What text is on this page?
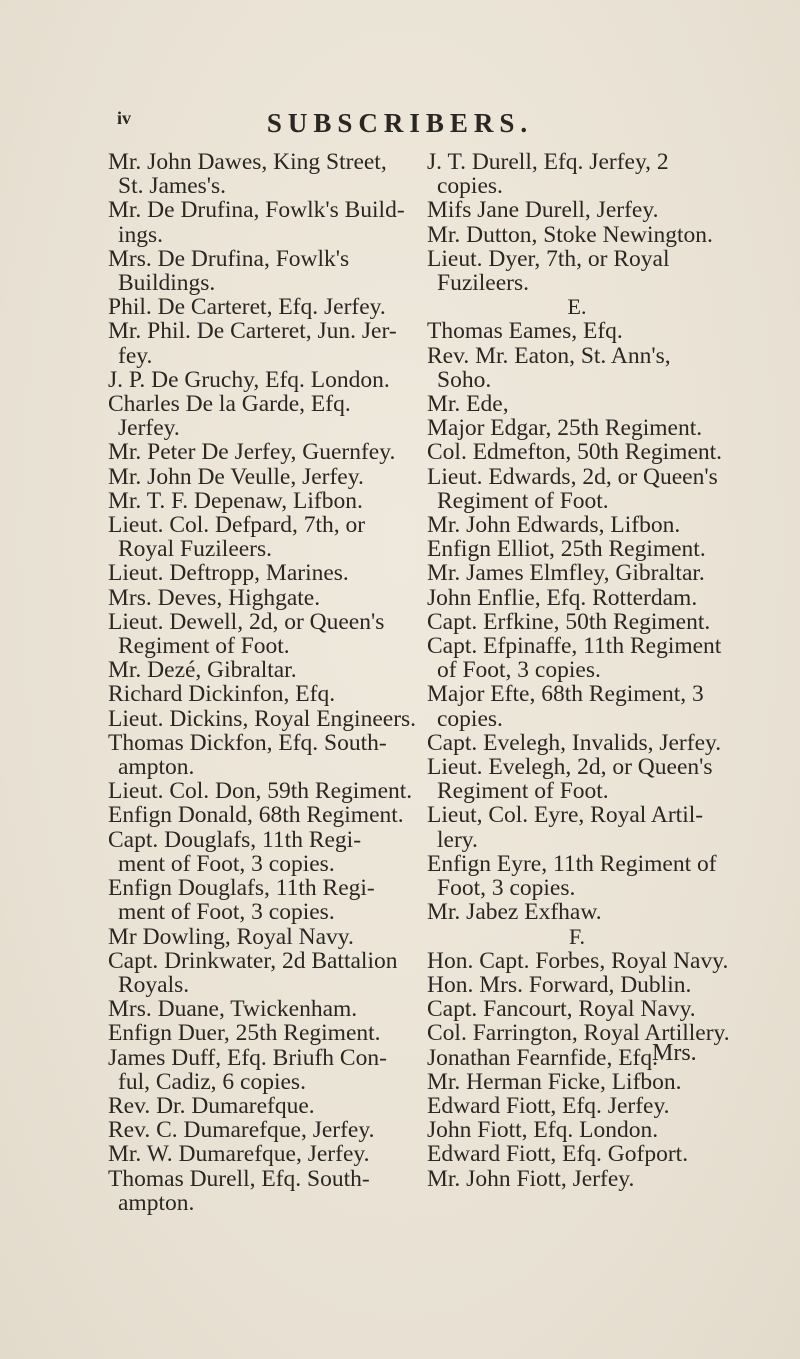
iv	SUBSCRIBERS.

Mr. John Dawes, King Street,
St. James's.

Mr. De Drufina, Fowlk's Build-
ings.

Mrs. De Drufina, Fowlk's
Buildings.

Phil. De Carteret, Efq. Jerfey.

Mr. Phil. De Carteret, Jun. Jer-
fey.

J. P. De Gruchy, Efq. London.

Charles De la Garde, Efq.
Jerfey.

Mr. Peter De Jerfey, Guernfey.

Mr. John De Veulle, Jerfey.

Mr. T. F. Depenaw, Lifbon.

Lieut. Col. Defpard, 7th, or
Royal Fuzileers.

Lieut. Deftropp, Marines.

Mrs. Deves, Highgate.

Lieut. Dewell, 2d, or Queen's
Regiment of Foot.

Mr. Dezé, Gibraltar.

Richard Dickinfon, Efq.

Lieut. Dickins, Royal Engineers.

Thomas Dickfon, Efq. South-
ampton.

Lieut. Col. Don, 59th Regiment.

Enfign Donald, 68th Regiment.

Capt. Douglafs, 11th Regi-
ment of Foot, 3 copies.

Enfign Douglafs, 11th Regi-
ment of Foot, 3 copies.

Mr Dowling, Royal Navy.

Capt. Drinkwater, 2d Battalion
Royals.

Mrs. Duane, Twickenham.

Enfign Duer, 25th Regiment.

James Duff, Efq. Briufh Con-
ful, Cadiz, 6 copies.

Rev. Dr. Dumarefque.

Rev. C. Dumarefque, Jerfey.

Mr. W. Dumarefque, Jerfey.

Thomas Durell, Efq. South-
ampton.

J. T. Durell, Efq. Jerfey, 2
copies.

Mifs Jane Durell, Jerfey.

Mr. Dutton, Stoke Newington.

Lieut. Dyer, 7th, or Royal
Fuzileers.

E.

Thomas Eames, Efq.

Rev. Mr. Eaton, St. Ann's,
Soho.

Mr. Ede,

Major Edgar, 25th Regiment.

Col. Edmefton, 50th Regiment.

Lieut. Edwards, 2d, or Queen's
Regiment of Foot.

Mr. John Edwards, Lifbon.

Enfign Elliot, 25th Regiment.

Mr. James Elmfley, Gibraltar.

John Enflie, Efq. Rotterdam.

Capt. Erfkine, 50th Regiment.

Capt. Efpinaffe, 11th Regiment
of Foot, 3 copies.

Major Efte, 68th Regiment, 3
copies.

Capt. Evelegh, Invalids, Jerfey.

Lieut. Evelegh, 2d, or Queen's
Regiment of Foot.

Lieut, Col. Eyre, Royal Artil-
lery.

Enfign Eyre, 11th Regiment of
Foot, 3 copies.

Mr. Jabez Exfhaw.

F.

Hon. Capt. Forbes, Royal Navy.

Hon. Mrs. Forward, Dublin.

Capt. Fancourt, Royal Navy.

Col. Farrington, Royal Artillery.

Jonathan Fearnfide, Efq.

Mr. Herman Ficke, Lifbon.

Edward Fiott, Efq. Jerfey.

John Fiott, Efq. London.

Edward Fiott, Efq. Gofport.

Mr. John Fiott, Jerfey.

Mrs.
